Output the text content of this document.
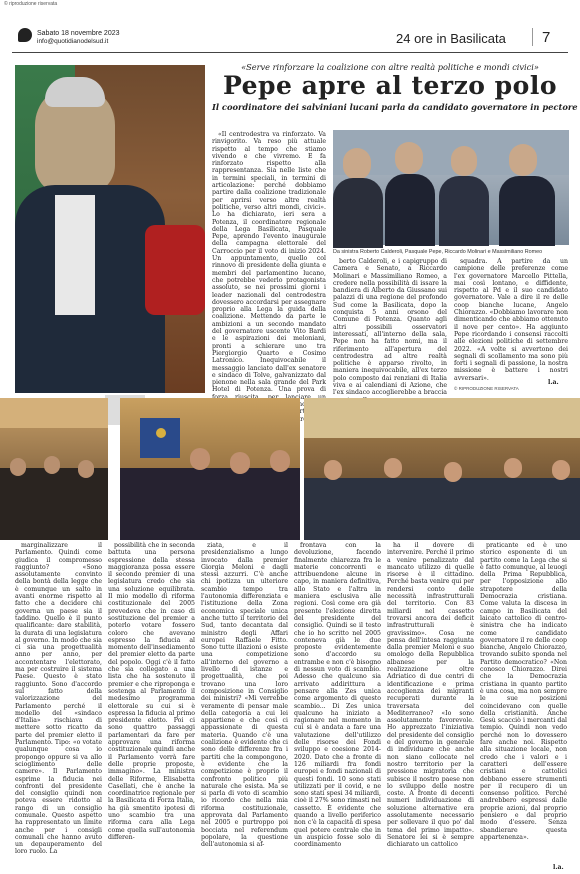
© riproduzione riservata
Sabato 18 novembre 2023
info@quotidianodelsud.it	24 ore in Basilicata 7
«Serve rinforzare la coalizione con altre realtà politiche e mondi civici»
Pepe apre al terzo polo
Il coordinatore dei salviniani lucani parla da candidato governatore in pectore
Da sinistra Roberto Calderoli, Pasquale Pepe, Riccardo Molinari e Massimiliano Romeo

«Il centrodestra va rinforzato. Va rinvigorito. Va reso più attuale rispetto al tempo che stiamo vivendo e che vivremo. E fa rinforzato rispetto alla rappresentanza. Sia nelle liste che in termini speciali, in termini di articolazione: perché dobbiamo partire dalla coalizione tradizionale per aprirsi verso altre realtà politiche, verso altri mondi, civici». Lo ha dichiarato, ieri sera a Potenza, il coordinatore regionale della Lega Basilicata, Pasquale Pepe, aprendo l'evento inaugurale della campagna elettorale del Carroccio per il voto di inizio 2024. Un appuntamento, quello col rinnovo di presidente della giunta e membri del parlamentino lucano, che potrebbe vederlo protagonista assoluto, se nei prossimi giorni i leader nazionali del centrodestra dovessero accordarsi per assegnare proprio alla Lega la guida della coalizione. Mettendo da parte le ambizioni a un secondo mandato del governatore uscente Vito Bardi e le aspirazioni dei meloniani, pronti a schierare uno tra Piergiorgio Quarto e Cosimo Latronico. Inequivocabile il messaggio lanciato dall'ex senatore e sindaco di Tolve, galvanizzato dal pienone nella sala grande del Park Hotel di Potenza. Una prova di vertici

berto Calderoli, e i capigruppo di Camera e Senato, a Riccardo Molinari e Massimiliano Romeo, a credere nella possibilità di issare la bandiera di Alberto da Giussano sui palazzi di una regione del profondo Sud come la Basilicata, dopo la conquista 5 anni orsono del Comune di Potenza. Quanto agli altri possibili osservatori interessati, all'interno della sala, Pepe non ha fatto nomi, ma il riferimento all'apertura del centrodestra ad altre realtà politiche è apparso rivolto, in maniera inequivocabile, all'ex terzo polo composto dai renziani di Italia viva e ai calendiani di Azione, che l'ex sindaco accoglierebbe a braccia

squadra. A partire da un campione delle preferenze come l'ex governatore Marcello Pittella, mai così lontano, e diffidente, rispetto al Pd e il suo candidato governatore. Vale a dire il re delle coop bianche lucane, Angelo Chiorazzo. «Dobbiamo lavorare non dimenticando che abbiamo ottenuto il nove per cento». Ha aggiunto Pepe ricordando i consensi raccolti alle elezioni politiche di settembre 2022. «A volte si avvertono dei segnali di scollamento ma sono più forti i segnali di passione, la nostra missione è battere i nostri avversari».

l.a.
© RIPRODUZIONE RISERVATA

marginalizzare il Parlamento. Quindi come giudica il compromesso raggiunto? «Sono assolutamente convinto della bontà della legge che è comunque un salto in avanti enorme rispetto al fatto che a decidere chi governa un paese sia il taddino. Quello è il punto qualificante: dare stabilità, la durata di una legislatura al governo. In modo che sia ci sia una progettualità anno per anno, per accontentare l'elettorato, ma per costruire il sistema Paese. Questo è stato raggiunto. Sono d'accordo sul fatto della valorizzazione del Parlamento perché il modello del «sindaco d'Italia» rischiava di mettere sotto ricatto da parte del premier eletto il Parlamento. Tipo: «o votate qualunque cosa io propongo oppure si va allo scioglimento delle camere». Il Parlamento esprime la fiducia nei confronti del presidente del consiglio quindi non poteva essere ridotto al rango di un consiglio comunale. Questo aspetto ha rappresentato un limite anche per i consigli comunali che hanno avuto un depauperamento del loro ruolo. La

possibilità che in seconda battuta una persona espressione della stessa maggioranza possa essere il secondo premier di una legislatura credo che sia una soluzione equilibrata. Il mio modello di riforma costituzionale del 2005 prevedeva che in caso di sostituzione del premier a poterlo votare fossero coloro che avevano espresso la fiducia al momento dell'insediamento del premier eletto da parte del popolo. Oggi c'è il fatto che sia collegato a una lista che ha sostenuto il premier e che riproponga e sostenga al Parlamento il medesimo programma elettorale su cui si è espressa la fiducia al primo presidente eletto. Poi ci sono quattro passaggi parlamentari da fare per approvare una riforma costituzionale quindi anche il Parlamento vorrà fare delle proprie proposte, immagino». La ministra delle Riforme, Elisabetta Casellati, che è anche la coordinatrice regionale per la Basilicata di Forza Italia, ha già smentito ipotesi di uno scambio tra una riforma cara alla Lega come quella sull'autonomia differen-

ziata, e il presidenzialismo a lungo invocato dalla premier Giorgia Meloni e dagli stessi azzurri. C'è anche chi ipotizza un ulteriore scambio tempo tra l'autonomia differenziata e l'istituzione della Zona economica speciale unica anche tutto il territorio del Sud, tanto decantata dal ministro degli Affari europei Raffaele Fitto. Sono tutte illazioni o esiste una competizione all'interno del governo a livello di istanze e progettualità, che poi trovano una loro composizione in Consiglio dei ministri? «Mi verrebbe veramente di pensar male della categoria a cui lei appartiene e che così ci appassionate di questa materia. Quando c'è una coalizione è evidente che ci sono delle differenze fra i partiti che la compongono, è evidente che la competizione è proprio il confronto politico più naturale che esista. Ma se si parla di voto di scambio io ricordo che nella mia riforma costituzionale, approvata dal Parlamento nel 2005 e purtroppo poi bocciata nel referendum popolare, la questione dell'autonomia si af-

frontava con la devoluzione, facendo finalmente chiarezza fra le materie concorrenti e attribuendone alcune in capo, in maniera definitiva, allo Stato e l'altra in maniera esclusiva alle regioni. Così come era già presente l'elezione diretta del presidente del consiglio. Quindi se il testo che io ho scritto nel 2005 conteneva già le due proposte evidentemente sono d'accordo su entrambe e non c'è bisogno di nessun voto di scambio. Adesso che qualcuno sia arrivato addirittura a pensare alla Zes unica come argomento di questo scambio... Di Zes unica qualcuno ha iniziato a ragionare nel momento in cui si è andata a fare una valutazione dell'utilizzo delle risorse dei Fondi sviluppo e coesione 2014-2020. Dato che a fronte di 126 miliardi fra fondi europei e fondi nazionali di questi fondi. 10 sono stati utilizzati per il covid, e ne sono stati spesi 34 miliardi, cioè il 27% sono rimasti nel cassetto. È evidente che quando a livello periferico non c'è la capacità di spesa quel potere centrale che in un auspicio fosse solo di coordinamento

ha il dovere di intervenire. Perché il primo a venire penalizzato dal mancato utilizzo di quelle risorse è il cittadino. Perché basta venire qui per rendersi conto delle necessità infrastrutturali del territorio. Con 83 miliardi nel cassetto trovarsi ancora dei deficit infrastrutturali è gravissimo». Cosa ne pensa dell'intesa raggiunta dalla premier Meloni e suo omologo della Repubblica albanese per la realizzazione oltre Adriatico di due centri di identificazione e prima accoglienza dei migranti recuperati durante la traversata del Mediterraneo? «Io sono assolutamente favorevole. Ho apprezzato l'iniziativa del presidente del consiglio e del governo in generale di individuare che anche non siano collocate nel nostro territorio per la pressione migratoria che subisce il nostro paese non lo sviluppo delle nostre coste. A fronte di decenti numeri individuazione di soluzione alternative era assolutamente necessario per sollevare il quo po' dal tema del primo impatto». Senatore lei si è sempre dichiarato un cattolico

praticante ed è uno storico esponente di un partito come la Lega che si è fatto comunque, al leuogi della Prima Repubblica, per l'opposizione allo strapotere della Democrazia cristiana. Come valuta la discesa in campo in Basilicata del laicato cattolico di centro-sinistra che ha indicato come candidato governatore il re delle coop bianche, Angelo Chiorazzo, trovando subito sponda nel Partito democratico? «Non conosco Chiorazzo. Direi che la Democrazia cristiana in quanto partito è una cosa, ma non sempre le sue posizioni coincidevano con quelle della cristianità. Anche Gesù scacciò i mercanti dal tempio. Quindi non vedo perché non lo dovessero fare anche noi. Rispetto alla situazione locale, non credo che i valori e i caratteri dell'essere cristiani e cattolici debbano essere strumenti per il recupero di un consenso politico. Perché andrebbero espressi dalle proprie azioni, dal proprio pensiero e dal proprio modo d'essere. Senza sbandierare questa appartenenza».

l.a.
